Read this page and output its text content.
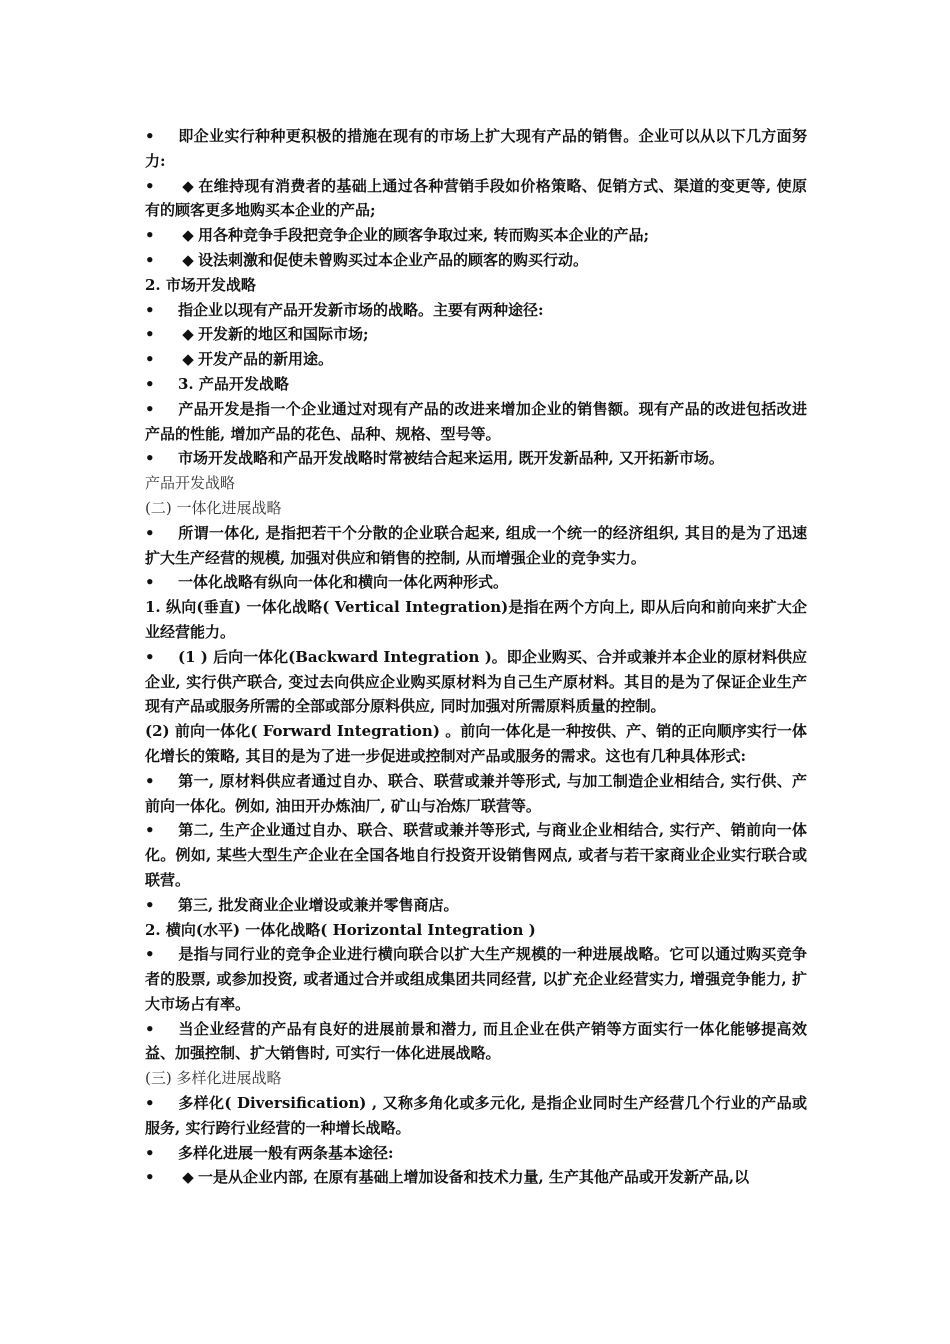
• 即企业实行种种更积极的措施在现有的市场上扩大现有产品的销售。企业可以从以下几方面努力:

• ◆ 在维持现有消费者的基础上通过各种营销手段如价格策略、促销方式、渠道的变更等, 使原有的顾客更多地购买本企业的产品;

• ◆ 用各种竞争手段把竞争企业的顾客争取过来, 转而购买本企业的产品;

• ◆ 设法刺激和促使未曾购买过本企业产品的顾客的购买行动。

2. 市场开发战略

• 指企业以现有产品开发新市场的战略。主要有两种途径:

• ◆ 开发新的地区和国际市场;

• ◆ 开发产品的新用途。

• 3. 产品开发战略

• 产品开发是指一个企业通过对现有产品的改进来增加企业的销售额。现有产品的改进包括改进产品的性能, 增加产品的花色、品种、规格、型号等。

• 市场开发战略和产品开发战略时常被结合起来运用, 既开发新品种, 又开拓新市场。

产品开发战略

(二) 一体化进展战略

• 所谓一体化, 是指把若干个分散的企业联合起来, 组成一个统一的经济组织, 其目的是为了迅速扩大生产经营的规模, 加强对供应和销售的控制, 从而增强企业的竞争实力。

• 一体化战略有纵向一体化和横向一体化两种形式。

1. 纵向(垂直) 一体化战略( Vertical Integration)是指在两个方向上, 即从后向和前向来扩大企业经营能力。

• (1 ) 后向一体化(Backward Integration )。即企业购买、合并或兼并本企业的原材料供应企业, 实行供产联合, 变过去向供应企业购买原材料为自己生产原材料。其目的是为了保证企业生产现有产品或服务所需的全部或部分原料供应, 同时加强对所需原料质量的控制。

(2) 前向一体化( Forward Integration) 。前向一体化是一种按供、产、销的正向顺序实行一体化增长的策略, 其目的是为了进一步促进或控制对产品或服务的需求。这也有几种具体形式:

• 第一, 原材料供应者通过自办、联合、联营或兼并等形式, 与加工制造企业相结合, 实行供、产前向一体化。例如, 油田开办炼油厂, 矿山与冶炼厂联营等。

• 第二, 生产企业通过自办、联合、联营或兼并等形式, 与商业企业相结合, 实行产、销前向一体化。例如, 某些大型生产企业在全国各地自行投资开设销售网点, 或者与若干家商业企业实行联合或联营。

• 第三, 批发商业企业增设或兼并零售商店。

2. 横向(水平) 一体化战略( Horizontal Integration )

• 是指与同行业的竞争企业进行横向联合以扩大生产规模的一种进展战略。它可以通过购买竞争者的股票, 或参加投资, 或者通过合并或组成集团共同经营, 以扩充企业经营实力, 增强竞争能力, 扩大市场占有率。

• 当企业经营的产品有良好的进展前景和潜力, 而且企业在供产销等方面实行一体化能够提高效益、加强控制、扩大销售时, 可实行一体化进展战略。

(三) 多样化进展战略

• 多样化( Diversification) , 又称多角化或多元化, 是指企业同时生产经营几个行业的产品或服务, 实行跨行业经营的一种增长战略。

• 多样化进展一般有两条基本途径:

• ◆ 一是从企业内部, 在原有基础上增加设备和技术力量, 生产其他产品或开发新产品,以
